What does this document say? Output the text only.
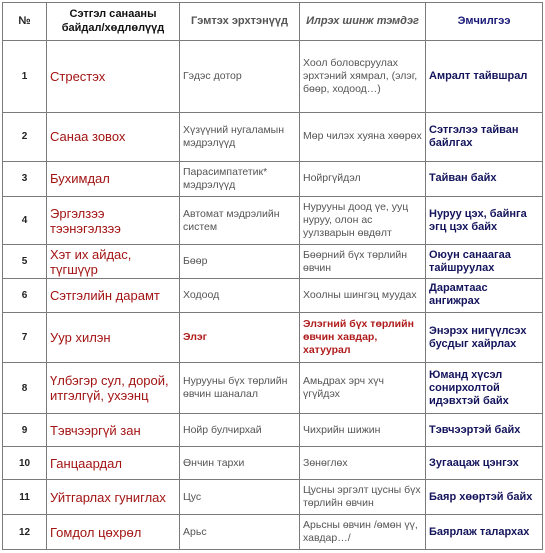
№	Сэтгэл санааны байдал/хөдлөлүүд	Гэмтэх эрхтэнүүд	Илрэх шинж тэмдэг	Эмчилгээ
1	Стрестэх	Гэдэс дотор	Хоол боловсруулах эрхтэний хямрал, (элэг, бөөр, ходоод…)	Амралт тайвшрал
2	Санаа зовох	Хүзүүний нугаламын мэдрэлүүд	Мөр чилэх хуяна хөөрөх	Сэтгэлээ тайван байлгах
3	Бухимдал	Парасимпатетик* мэдрэлүүд	Нойргүйдэл	Тайван байх
4	Эргэлзээ тээнэгэлзээ	Автомат мэдрэлийн систем	Нурууны доод үе, ууц нуруу, олон ас уулзварын өвдөлт	Нуруу цэх, байнга эгц цэх байх
5	Хэт их айдас, түгшүүр	Бөөр	Бөөрний бүх төрлийн өвчин	Оюун санаагаа тайшруулах
6	Сэтгэлийн дарамт	Ходоод	Хоолны шингэц муудах	Дарамтаас ангижрах
7	Уур хилэн	Элэг	Элэгний бүх төрлийн өвчин хавдар, хатуурал	Энэрэх нигүүлсэх бусдыг хайрлах
8	Үлбэгэр сул, дорой, итгэлгүй, ухээнц	Нурууны бүх төрлийн өвчин шаналал	Амьдрах эрч хүч үгүйдэх	Юманд хүсэл сонирхолтой идэвхтэй байх
9	Тэвчээргүй зан	Нойр булчирхай	Чихрийн шижин	Тэвчээртэй байх
10	Ганцаардал	Өнчин тархи	Зөнөглөх	Зугаацаж цэнгэх
11	Уйтгарлах гуниглах	Цус	Цусны эргэлт цусны бүх төрлийн өвчин	Баяр хөөртэй байх
12	Гомдол цөхрөл	Арьс	Арьсны өвчин /өмөн үү, хавдар…/	Баярлаж талархах
